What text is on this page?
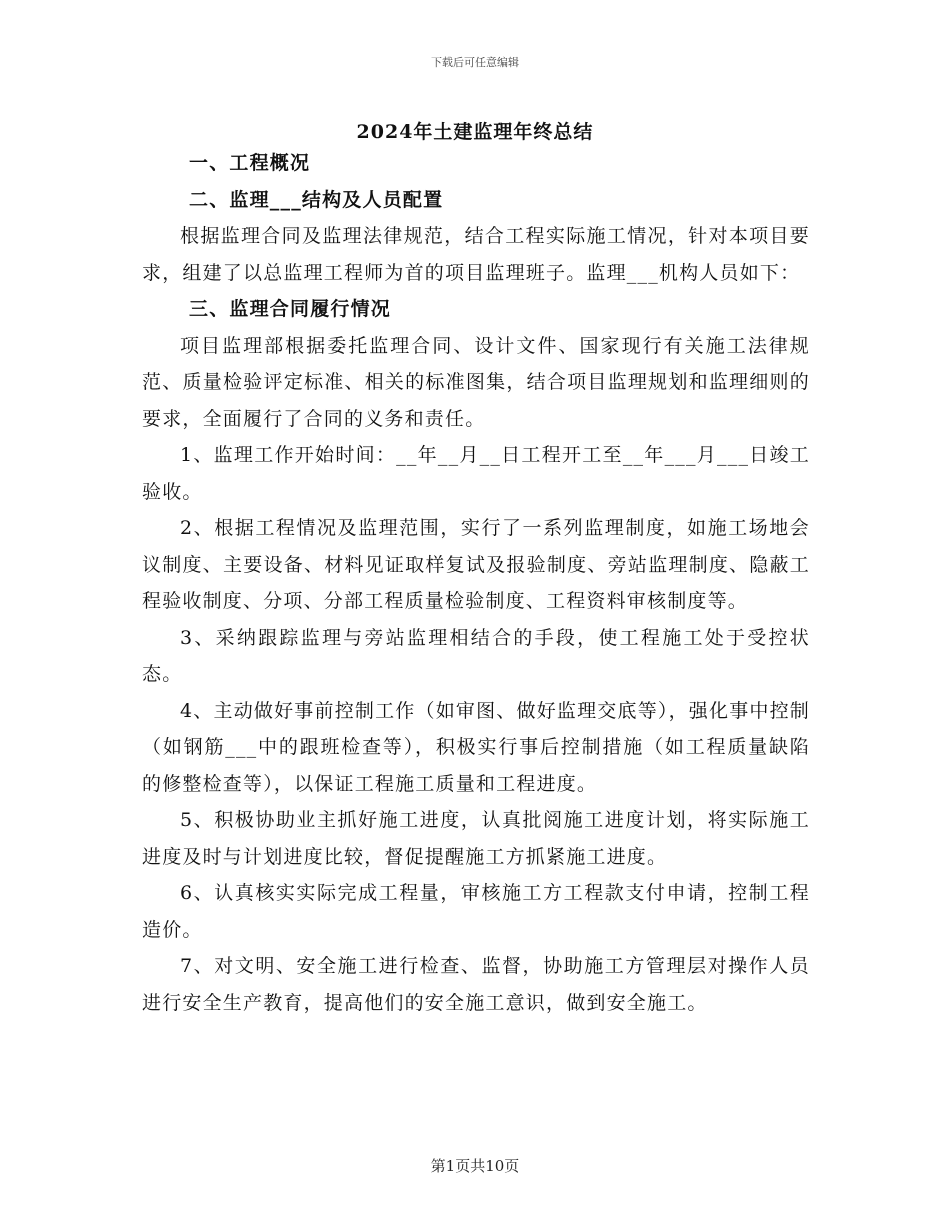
下载后可任意编辑
2024年土建监理年终总结
一、工程概况
二、监理___结构及人员配置

根据监理合同及监理法律规范，结合工程实际施工情况，针对本项目要求，组建了以总监理工程师为首的项目监理班子。监理___机构人员如下：

三、监理合同履行情况

项目监理部根据委托监理合同、设计文件、国家现行有关施工法律规范、质量检验评定标准、相关的标准图集，结合项目监理规划和监理细则的要求，全面履行了合同的义务和责任。

1、监理工作开始时间：__年__月__日工程开工至__年___月___日竣工验收。

2、根据工程情况及监理范围，实行了一系列监理制度，如施工场地会议制度、主要设备、材料见证取样复试及报验制度、旁站监理制度、隐蔽工程验收制度、分项、分部工程质量检验制度、工程资料审核制度等。

3、采纳跟踪监理与旁站监理相结合的手段，使工程施工处于受控状态。

4、主动做好事前控制工作（如审图、做好监理交底等），强化事中控制（如钢筋___中的跟班检查等），积极实行事后控制措施（如工程质量缺陷的修整检查等），以保证工程施工质量和工程进度。

5、积极协助业主抓好施工进度，认真批阅施工进度计划，将实际施工进度及时与计划进度比较，督促提醒施工方抓紧施工进度。

6、认真核实实际完成工程量，审核施工方工程款支付申请，控制工程造价。

7、对文明、安全施工进行检查、监督，协助施工方管理层对操作人员进行安全生产教育，提高他们的安全施工意识，做到安全施工。

第1页共10页
